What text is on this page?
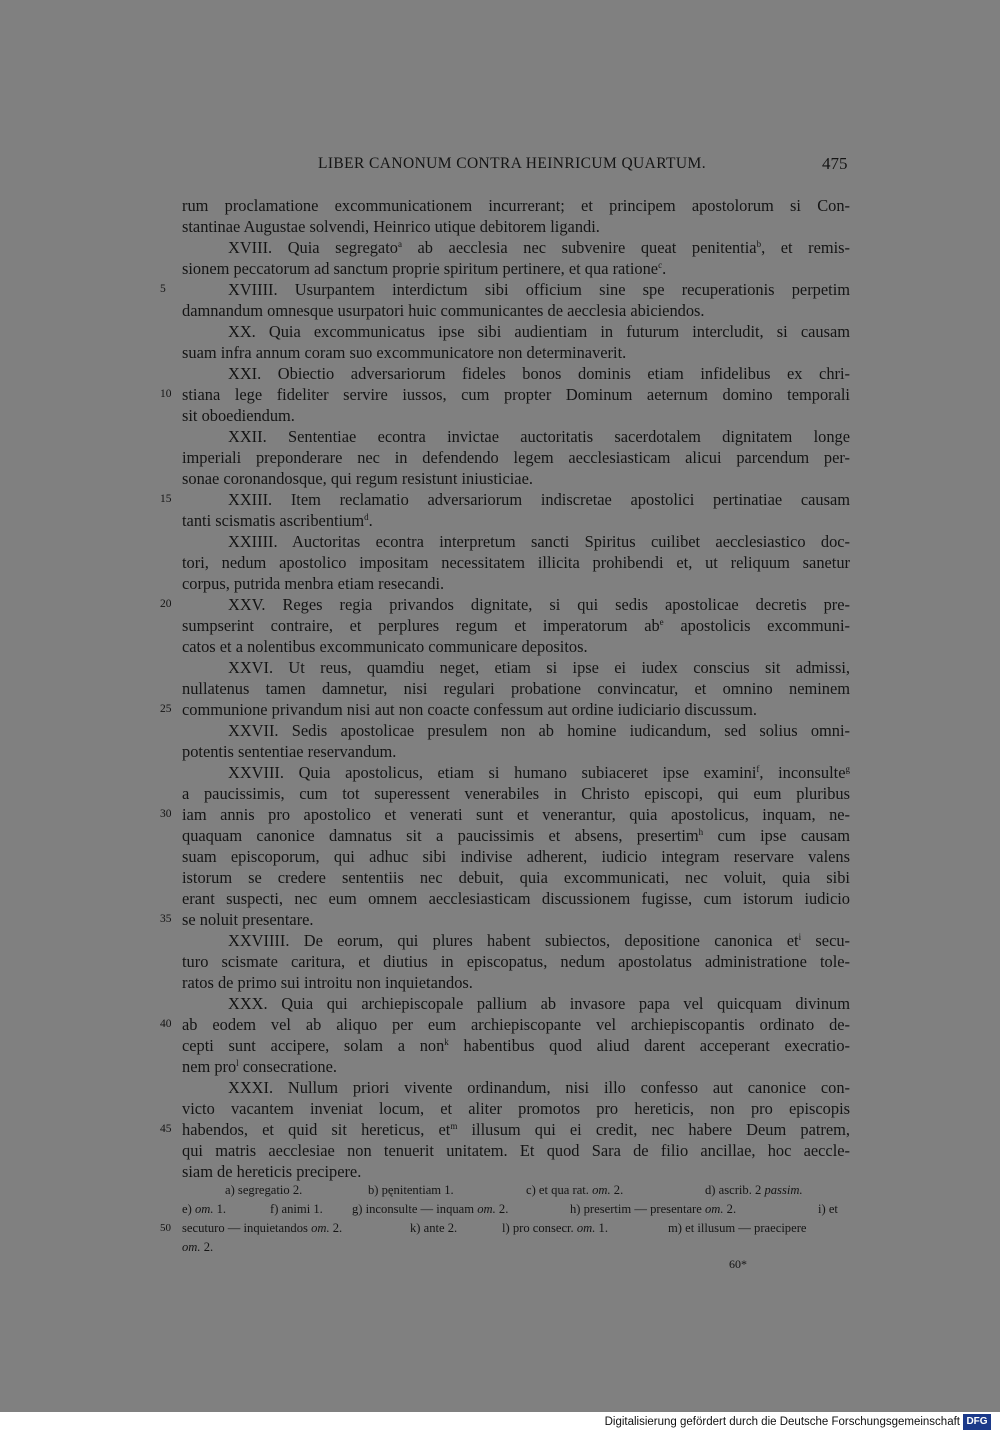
LIBER CANONUM CONTRA HEINRICUM QUARTUM.	475
rum proclamatione excommunicationem incurrerant; et principem apostolorum si Con-
stantinae Augustae solvendi, Heinrico utique debitorem ligandi.
XVIII. Quia segregato$^a$ ab aecclesia nec subvenire queat penitentia$^b$, et remis-
sionem peccatorum ad sanctum proprie spiritum pertinere, et qua ratione$^c$.
XVIIII. Usurpantem interdictum sibi officium sine spe recuperationis perpetim
damnandum omnesque usurpatori huic communicantes de aecclesia abiciendos.
XX. Quia excommunicatus ipse sibi audientiam in futurum intercludit, si causam
suam infra annum coram suo excommunicatore non determinaverit.
XXI. Obiectio adversariorum fideles bonos dominis etiam infidelibus ex chri-
stiana lege fideliter servire iussos, cum propter Dominum aeternum domino temporali
sit oboediendum.
XXII. Sententiae econtra invictae auctoritatis sacerdotalem dignitatem longe
imperiali preponderare nec in defendendo legem aecclesiasticam alicui parcendum per-
sonae coronandosque, qui regum resistunt iniusticiae.
XXIII. Item reclamatio adversariorum indiscretae apostolici pertinatiae causam
tanti scismatis ascribentium$^d$.
XXIIII. Auctoritas econtra interpretum sancti Spiritus cuilibet aecclesiastico doc-
tori, nedum apostolico impositam necessitatem illicita prohibendi et, ut reliquum sanetur
corpus, putrida menbra etiam resecandi.
XXV. Reges regia privandos dignitate, si qui sedis apostolicae decretis pre-
sumpserint contraire, et perplures regum et imperatorum $ab^e$ apostolicis excommuni-
catos et a nolentibus excommunicato communicare depositos.
XXVI. Ut reus, quamdiu neget, etiam si ipse ei iudex conscius sit admissi,
nullatenus tamen damnetur, nisi regulari probatione convincatur, et omnino neminem
communione privandum nisi aut non coacte confessum aut ordine iudiciario discussum.
XXVII. Sedis apostolicae presulem non ab homine iudicandum, sed solius omni-
potentis sententiae reservandum.
XXVIII. Quia apostolicus, etiam si humano subiaceret ipse examini$^f$, inconsulte$^g$
a paucissimis, cum tot superessent venerabiles in Christo episcopi, qui eum pluribus
iam annis pro apostolico et venerati sunt et venerantur, quia apostolicus, inquam, ne-
quaquam canonice damnatus sit a paucissimis et absens, presertim$^h$ cum ipse causam
suam episcoporum, qui adhuc sibi indivise adherent, iudicio integram reservare valens
istorum se credere sententiis nec debuit, quia excommunicati, nec voluit, quia sibi
erant suspecti, nec eum omnem aecclesiasticam discussionem fugisse, cum istorum iudicio
se noluit presentare.
XXVIIII. De eorum, qui plures habent subiectos, depositione canonica $et^i$ secu-
turo scismate caritura, et diutius in episcopatus, nedum apostolatus administratione tole-
ratos de primo sui introitu non inquietandos.
XXX. Quia qui archiepiscopale pallium ab invasore papa vel quicquam divinum
ab eodem vel ab aliquo per eum archiepiscopante vel archiepiscopantis ordinato de-
cepti sunt accipere, solam a non$^k$ habentibus quod aliud darent acceperant execratio-
nem pro$^l$ consecratione.
XXXI. Nullum priori vivente ordinandum, nisi illo confesso aut canonice con-
victo vacantem inveniat locum, et aliter promotos pro hereticis, non pro episcopis
habendos, et quid sit hereticus, $et^m$ illusum qui ei credit, nec habere Deum patrem,
qui matris aecclesiae non tenuerit unitatem. Et quod Sara de filio ancillae, hoc aeccle-
siam de hereticis precipere.
5
10
15
20
25
30
35
40
45
50
a) segregatio 2.	b) pęnitentiam 1.	c) et qua rat. om. 2.	d) ascrib. 2 passim.
e) om. 1.	f) animi 1. g) inconsulte — inquam om. 2.	h) presertim — presentare om. 2.	i) et
secuturo — inquietandos om. 2.	k) ante 2.	l) pro consecr. om. 1.	m) et illusum — praecipere
om. 2.
60*
Digitalisierung gefördert durch die Deutsche Forschungsgemeinschaft DFG
